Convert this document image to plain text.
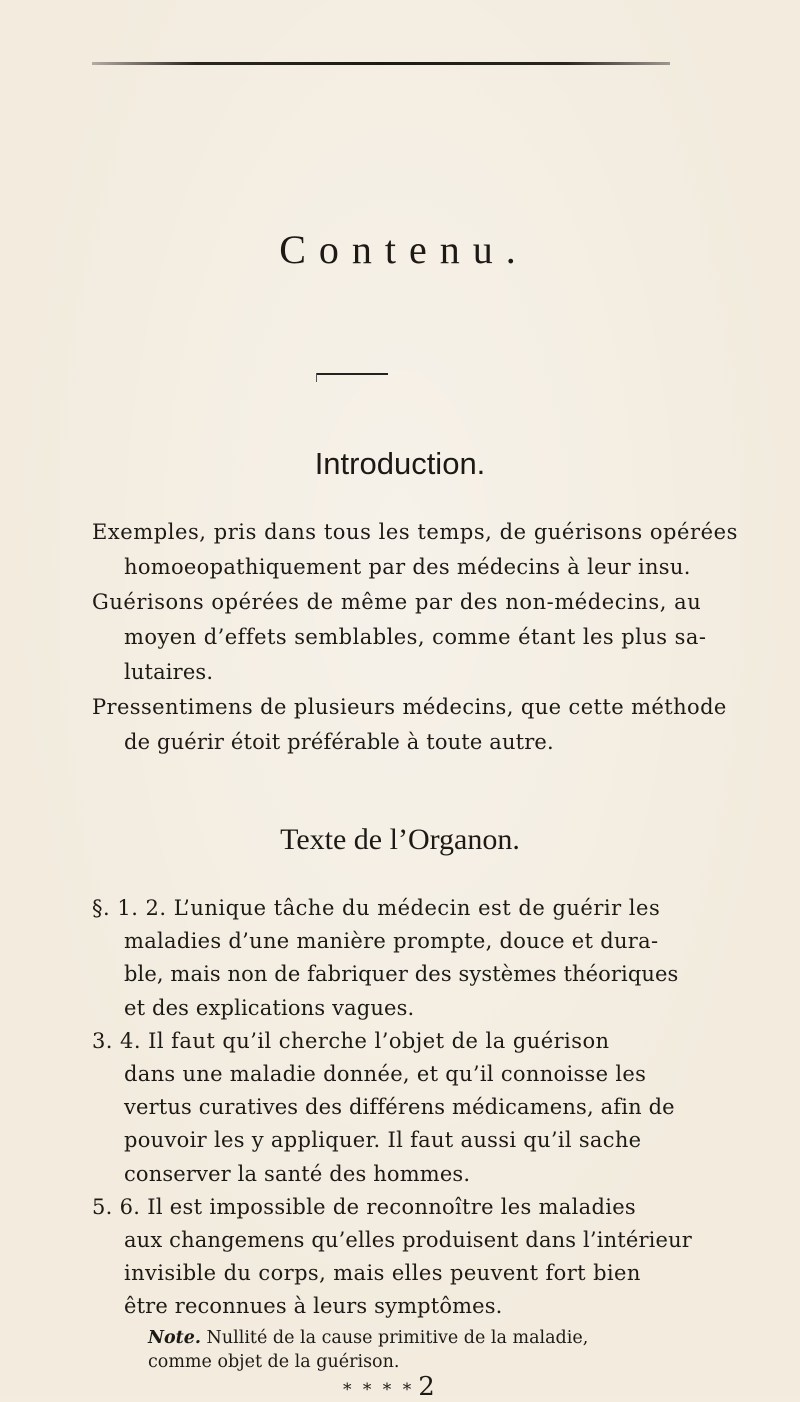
Contenu.
Introduction.
Exemples, pris dans tous les temps, de guérisons opérées
homoeopathiquement par des médecins à leur insu.
Guérisons opérées de même par des non-médecins, au
moyen d’effets semblables, comme étant les plus sa-
lutaires.
Pressentimens de plusieurs médecins, que cette méthode
de guérir étoit préférable à toute autre.
Texte de l’Organon.
§. 1. 2. L’unique tâche du médecin est de guérir les
maladies d’une manière prompte, douce et dura-
ble, mais non de fabriquer des systèmes théoriques
et des explications vagues.
3. 4. Il faut qu’il cherche l’objet de la guérison
dans une maladie donnée, et qu’il connoisse les
vertus curatives des différens médicamens, afin de
pouvoir les y appliquer. Il faut aussi qu’il sache
conserver la santé des hommes.
5. 6. Il est impossible de reconnoître les maladies
aux changemens qu’elles produisent dans l’intérieur
invisible du corps, mais elles peuvent fort bien
être reconnues à leurs symptômes.
Note. Nullité de la cause primitive de la maladie,
comme objet de la guérison.
* * * * 2
